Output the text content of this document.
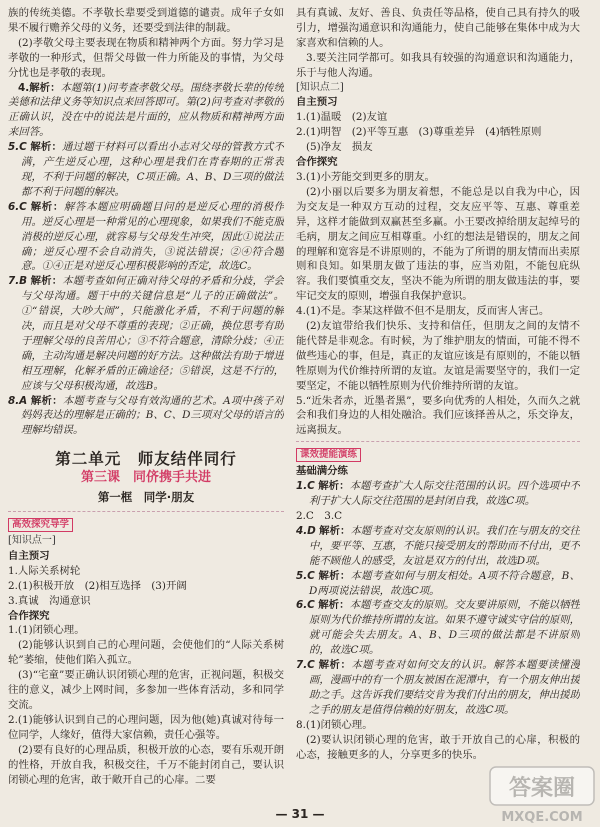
族的传统美德。不孝敬长辈要受到道德的谴责。成年子女如果不履行赡养父母的义务，还要受到法律的制裁。

(2)孝敬父母主要表现在物质和精神两个方面。努力学习是孝敬的一种形式，但帮父母做一件力所能及的事情，为父母分忧也是孝敬的表现。

4.解析：本题第(1)问考查孝敬父母。围绕孝敬长辈的传统美德和法律义务等知识点来回答即可。第(2)问考查对孝敬的正确认识，没在中的说法是片面的，应从物质和精神两方面来回答。

5.C 解析：通过题干材料可以看出小志对父母的管教方式不满，产生逆反心理，这种心理是我们在青春期的正常表现，不利于问题的解决，C项正确。A、B、D三项的做法都不利于问题的解决。

6.C 解析：解答本题应明确题目问的是逆反心理的消极作用。逆反心理是一种常见的心理现象，如果我们不能克服消极的逆反心理，就容易与父母发生冲突，因此①说法正确；逆反心理不会自动消失，③说法错误；②④符合题意。①④正是对逆反心理积极影响的否定，故选C。

7.B 解析：本题考查如何正确对待父母的矛盾和分歧，学会与父母沟通。题干中的关键信息是“儿子的正确做法”。①“错误，大吵大闹”，只能激化矛盾，不利于问题的解决，而且是对父母不尊重的表现；②正确，换位思考有助于理解父母的良苦用心；③不符合题意，清除分歧；④正确，主动沟通是解决问题的好方法。这种做法有助于增进相互理解，化解矛盾的正确途径；⑤错误，这是不行的，应该与父母积极沟通，故选B。

8.A 解析：本题考查与父母有效沟通的艺术。A项中孩子对妈妈表达的理解是正确的；B、C、D三项对父母的语言的理解均错误。

第二单元　师友结伴同行
第三课　同侪携手共进
第一框　同学·朋友
高效探究导学

[知识点一]

自主预习

1.人际关系树轮

2.(1)积极开放　(2)相互选择　(3)开阔

3.真诚　沟通意识

合作探究

1.(1)闭锁心理。

(2)能够认识到自己的心理问题，会使他们的“人际关系树轮”萎缩，使他们陷入孤立。

(3)“宅童”要正确认识闭锁心理的危害，正视问题，积极交往的意义，减少上网时间，多参加一些体育活动，多和同学交流。

2.(1)能够认识到自己的心理问题，因为他(她)真诚对待每一位同学，人缘好，值得大家信赖，责任心强等。

(2)要有良好的心理品质，积极开放的心态，要有乐观开朗的性格，开放自我，积极交往，千万不能封闭自己，要认识闭锁心理的危害，敢于敞开自己的心扉。二要

具有真诚、友好、善良、负责任等品格，使自己具有持久的吸引力，增强沟通意识和沟通能力，使自己能够在集体中成为大家喜欢和信赖的人。

3.要关注同学都可。如我具有较强的沟通意识和沟通能力，乐于与他人沟通。

[知识点二]

自主预习

1.(1)温暖　(2)友谊

2.(1)明智　(2)平等互惠　(3)尊重差异　(4)牺牲原则

(5)净友　损友

合作探究

3.(1)小芳能交到更多的朋友。

(2)小丽以后要多为朋友着想，不能总是以自我为中心，因为交友是一种双方互动的过程，交友应平等、互惠、尊重差异，这样才能做到双赢甚至多赢。小王要改掉给朋友起绰号的毛病，朋友之间应互相尊重。小红的想法是错误的，朋友之间的理解和宽容是不讲原则的，不能为了所谓的朋友情而出卖原则和良知。如果朋友做了违法的事，应当劝阻，不能包庇纵容。我们要慎重交友，坚决不能为所谓的朋友做违法的事，要牢记交友的原则，增强自我保护意识。

4.(1)不是。李某这样做不但不是朋友，反而害人害己。

(2)友谊带给我们快乐、支持和信任，但朋友之间的友情不能代替是非观念。有时候，为了维护朋友的情面，可能不得不做些违心的事，但是，真正的友谊应该是有原则的，不能以牺牲原则为代价维持所谓的友谊。友谊是需要坚守的，我们一定要坚定，不能以牺牲原则为代价维持所谓的友谊。

5.“近朱者赤，近墨者黑”，要多向优秀的人相处，久而久之就会和我们身边的人相处融洽。我们应该择善从之，乐交诤友，远离损友。

课效提能演练

基础满分练

1.C 解析：本题考查扩大人际交往范围的认识。四个选项中不利于扩大人际交往范围的是封闭自我，故选C项。

2.C　3.C

4.D 解析：本题考查对交友原则的认识。我们在与朋友的交往中，要平等、互惠，不能只接受朋友的帮助而不付出，更不能不顾他人的感受，友谊是双方的付出，故选D项。

5.C 解析：本题考查如何与朋友相处。A项不符合题意，B、D两项说法错误，故选C项。

6.C 解析：本题考查交友的原则。交友要讲原则，不能以牺牲原则为代价维持所谓的友谊。如果不遵守诚实守信的原则，就可能会失去朋友。A、B、D三项的做法都是不讲原则的，故选C项。

7.C 解析：本题考查对如何交友的认识。解答本题要读懂漫画，漫画中的有一个朋友被困在泥潭中，有一个朋友伸出援助之手。这告诉我们要结交肯为我们付出的朋友，伸出援助之手的朋友是值得信赖的好朋友，故选C项。

8.(1)闭锁心理。

(2)要认识闭锁心理的危害，敢于开放自己的心扉，积极的心态，接触更多的人，分享更多的快乐。

— 31 —
答案圈
MXQE.COM
